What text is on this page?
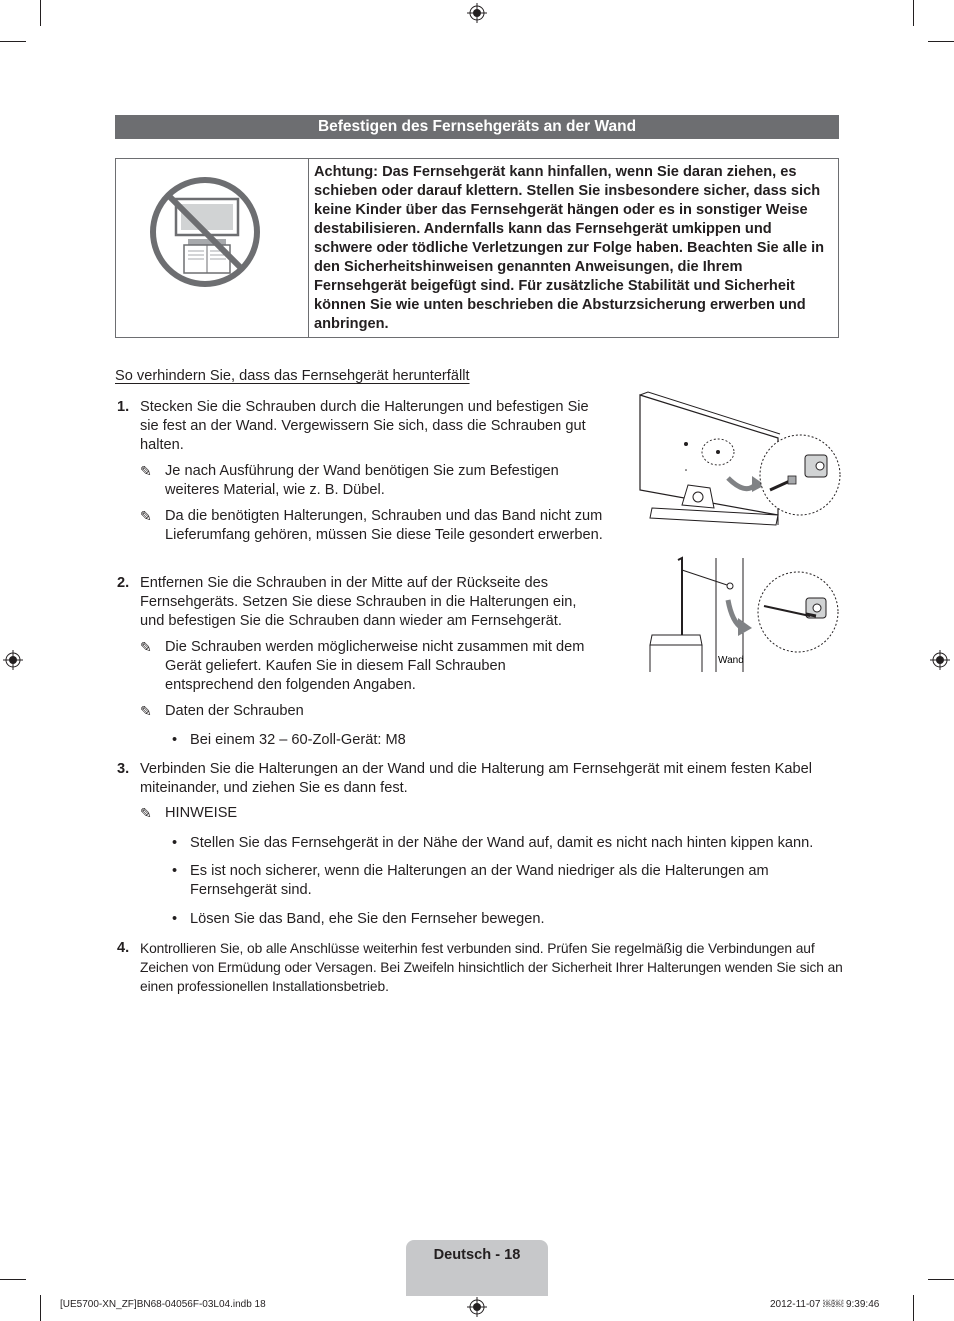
Befestigen des Fernsehgeräts an der Wand
Achtung: Das Fernsehgerät kann hinfallen, wenn Sie daran ziehen, es schieben oder darauf klettern. Stellen Sie insbesondere sicher, dass sich keine Kinder über das Fernsehgerät hängen oder es in sonstiger Weise destabilisieren. Andernfalls kann das Fernsehgerät umkippen und schwere oder tödliche Verletzungen zur Folge haben. Beachten Sie alle in den Sicherheitshinweisen genannten Anweisungen, die Ihrem Fernsehgerät beigefügt sind. Für zusätzliche Stabilität und Sicherheit können Sie wie unten beschrieben die Absturzsicherung erwerben und anbringen.
So verhindern Sie, dass das Fernsehgerät herunterfällt
1. Stecken Sie die Schrauben durch die Halterungen und befestigen Sie sie fest an der Wand. Vergewissern Sie sich, dass die Schrauben gut halten.
✎ Je nach Ausführung der Wand benötigen Sie zum Befestigen weiteres Material, wie z. B. Dübel.
✎ Da die benötigten Halterungen, Schrauben und das Band nicht zum Lieferumfang gehören, müssen Sie diese Teile gesondert erwerben.
2. Entfernen Sie die Schrauben in der Mitte auf der Rückseite des Fernsehgeräts. Setzen Sie diese Schrauben in die Halterungen ein, und befestigen Sie die Schrauben dann wieder am Fernsehgerät.
✎ Die Schrauben werden möglicherweise nicht zusammen mit dem Gerät geliefert. Kaufen Sie in diesem Fall Schrauben entsprechend den folgenden Angaben.
✎ Daten der Schrauben
• Bei einem 32 – 60-Zoll-Gerät: M8
3. Verbinden Sie die Halterungen an der Wand und die Halterung am Fernsehgerät mit einem festen Kabel miteinander, und ziehen Sie es dann fest.
✎ HINWEISE
• Stellen Sie das Fernsehgerät in der Nähe der Wand auf, damit es nicht nach hinten kippen kann.
• Es ist noch sicherer, wenn die Halterungen an der Wand niedriger als die Halterungen am Fernsehgerät sind.
• Lösen Sie das Band, ehe Sie den Fernseher bewegen.
4. Kontrollieren Sie, ob alle Anschlüsse weiterhin fest verbunden sind. Prüfen Sie regelmäßig die Verbindungen auf Zeichen von Ermüdung oder Versagen. Bei Zweifeln hinsichtlich der Sicherheit Ihrer Halterungen wenden Sie sich an einen professionellen Installationsbetrieb.
Wand
Deutsch - 18
[UE5700-XN_ZF]BN68-04056F-03L04.indb 18	2012-11-07 ￼￼ 9:39:46
